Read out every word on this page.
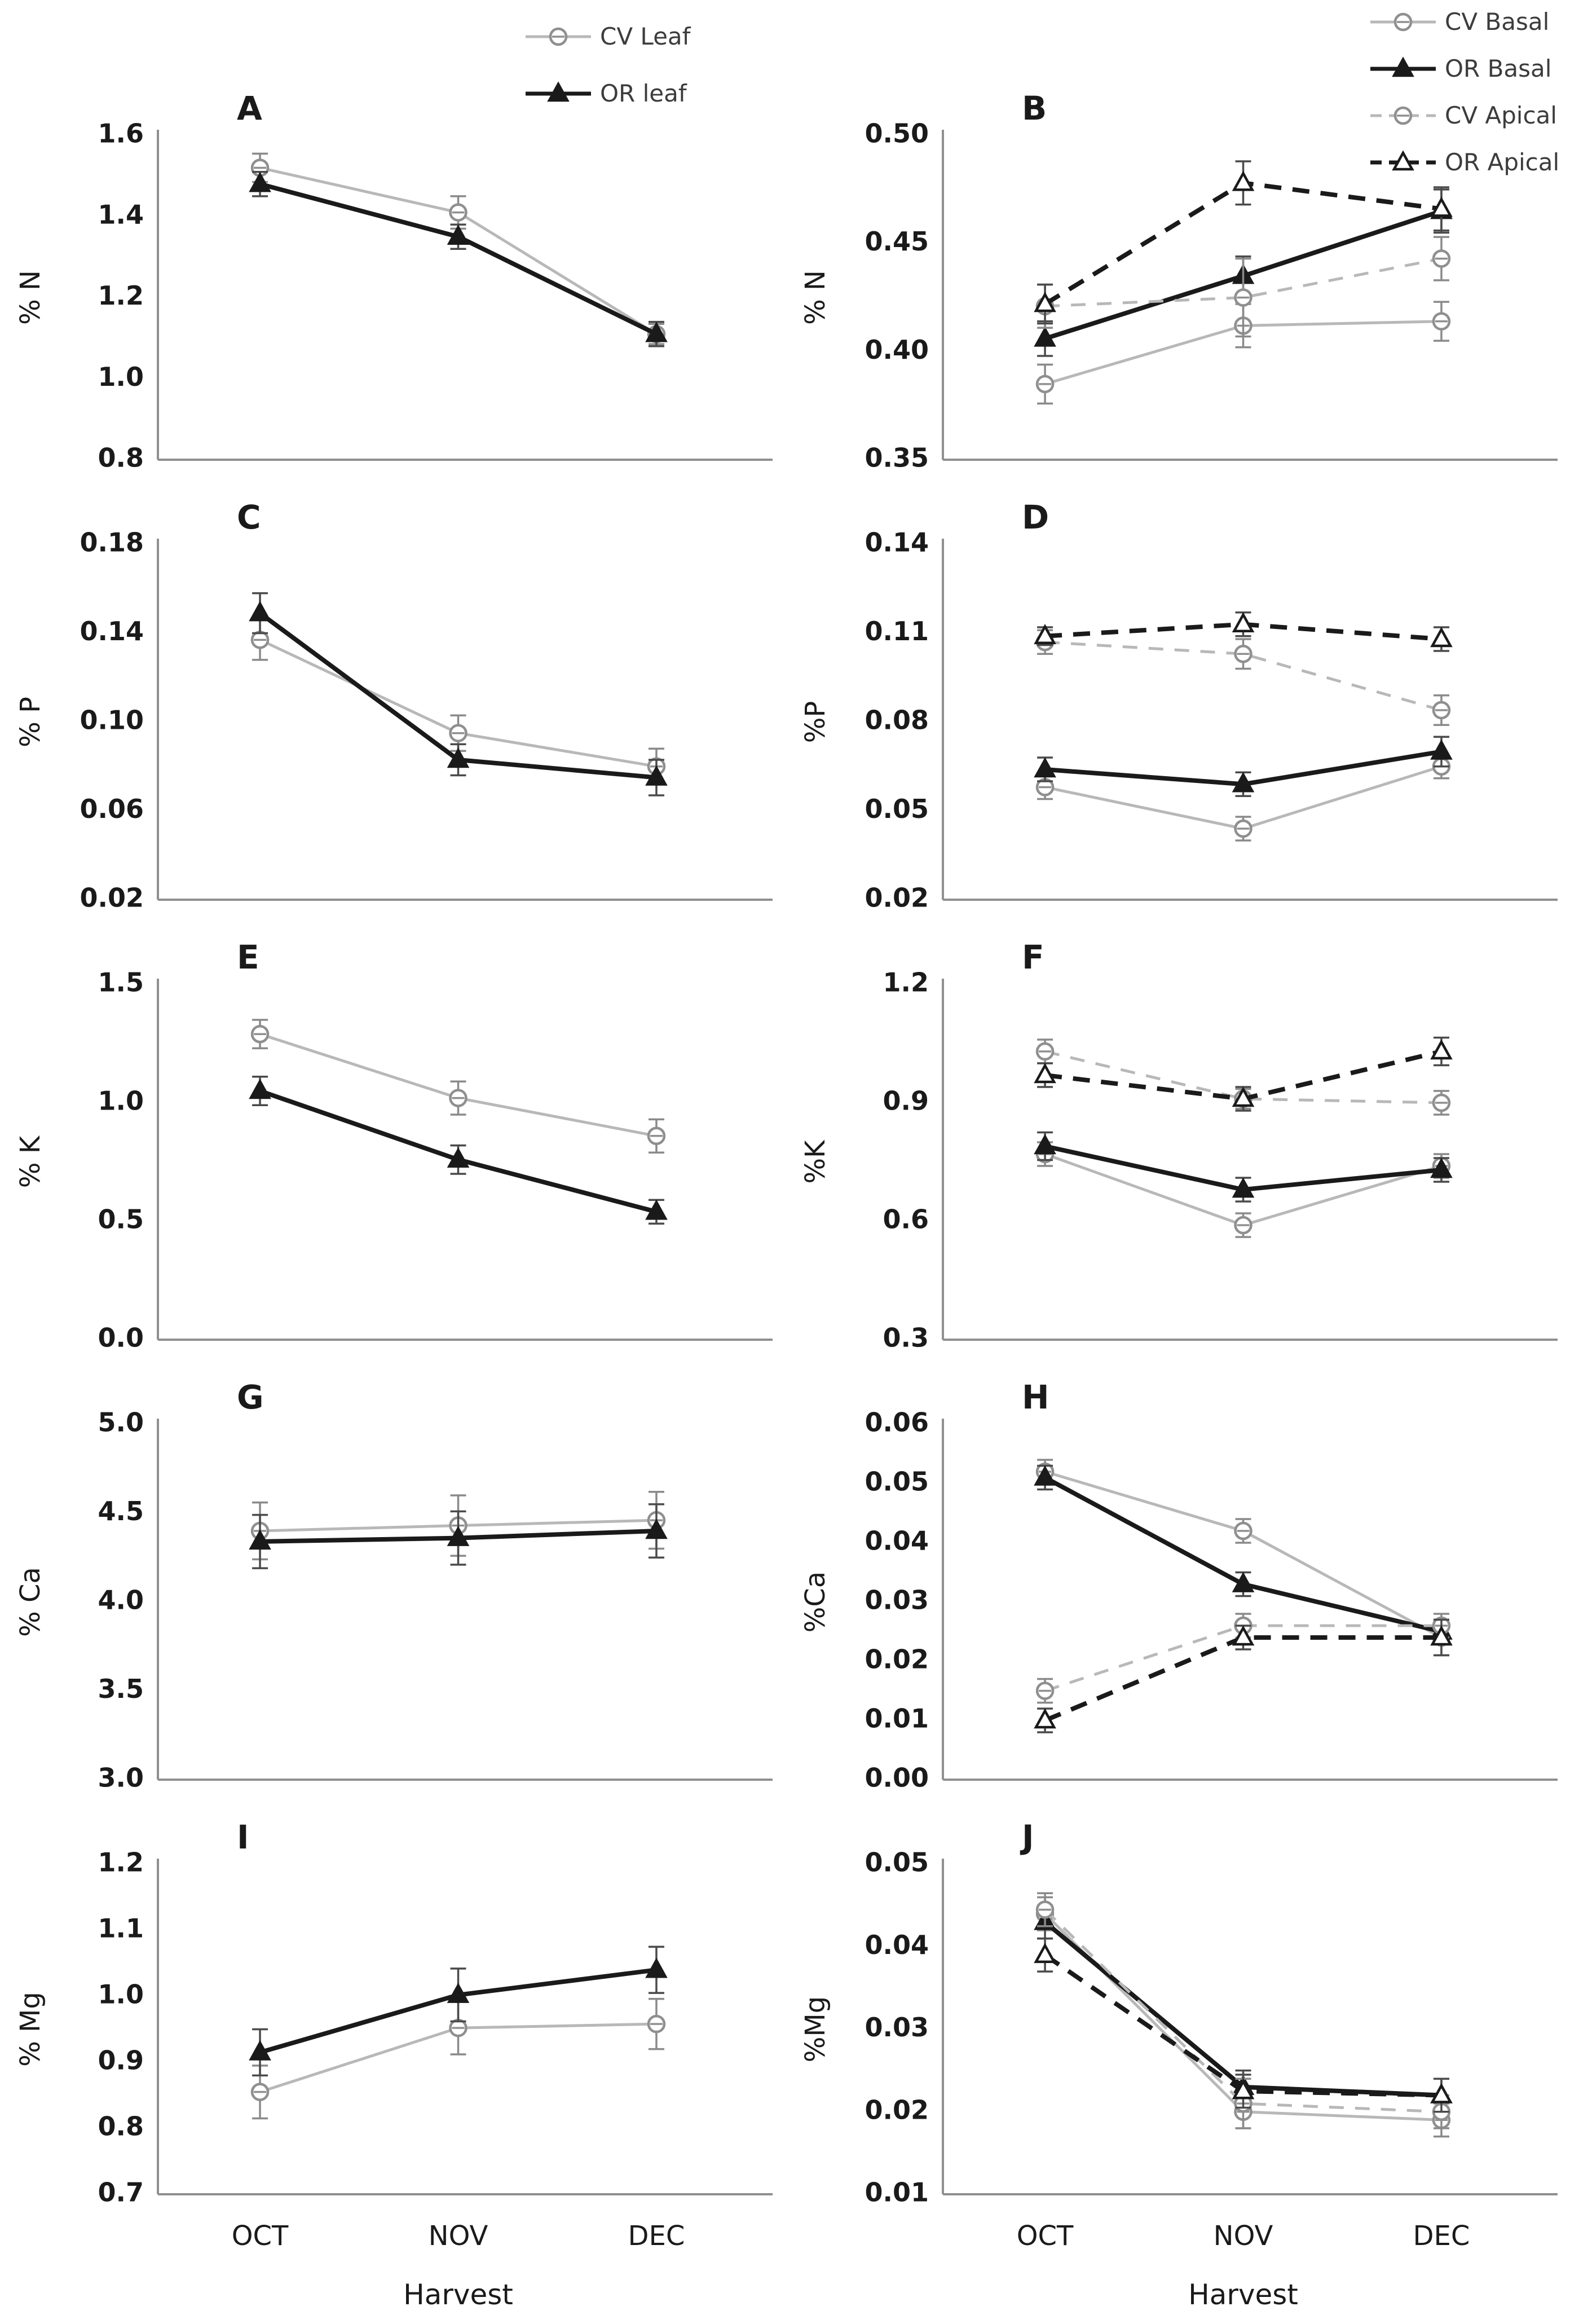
0.8
1.0
1.2
1.4
1.6
% N
A
CV Leaf
OR leaf
0.35
0.40
0.45
0.50
% N
B
CV Basal
OR Basal
CV Apical
OR Apical
0.02
0.06
0.10
0.14
0.18
% P
C
0.02
0.05
0.08
0.11
0.14
%P
D
0.0
0.5
1.0
1.5
% K
E
0.3
0.6
0.9
1.2
%K
F
3.0
3.5
4.0
4.5
5.0
% Ca
G
0.00
0.01
0.02
0.03
0.04
0.05
0.06
%Ca
H
0.7
0.8
0.9
1.0
1.1
1.2
% Mg
I
OCT	NOV	DEC
Harvest
0.01
0.02
0.03
0.04
0.05
%Mg
J
OCT	NOV	DEC
Harvest
